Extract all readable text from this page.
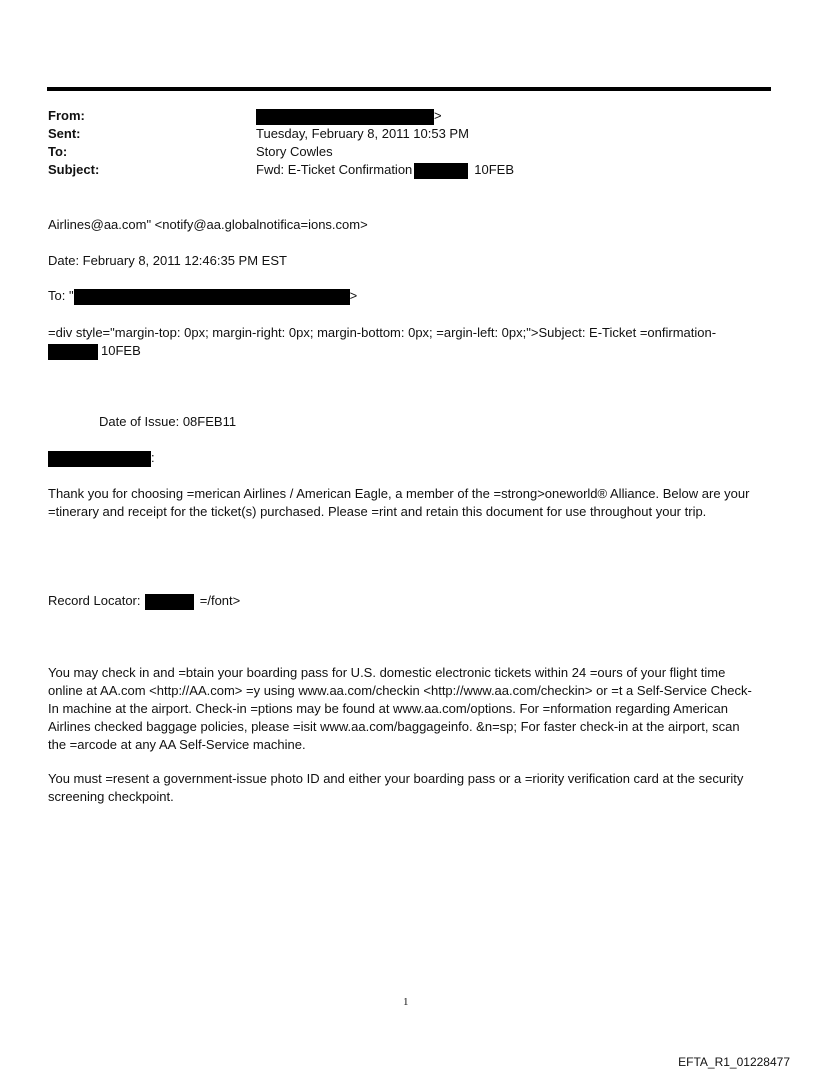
From:	>
Sent:	Tuesday, February 8, 2011 10:53 PM
To:	Story Cowles
Subject:	Fwd: E-Ticket Confirmation	10FEB
Airlines@aa.com" <notify@aa.globalnotifica=ions.com>
Date: February 8, 2011 12:46:35 PM EST
To: "	>
=div style="margin-top: 0px; margin-right: 0px; margin-bottom: 0px; =argin-left: 0px;">Subject: E-Ticket =onfirmation-
10FEB
Date of Issue: 08FEB11
:
Thank you for choosing =merican Airlines / American Eagle, a member of the =strong>oneworld® Alliance. Below are your =tinerary and receipt for the ticket(s) purchased. Please =rint and retain this document for use throughout your trip.
Record Locator:	=/font>
You may check in and =btain your boarding pass for U.S. domestic electronic tickets within 24 =ours of your flight time online at AA.com <http://AA.com> =y using www.aa.com/checkin <http://www.aa.com/checkin> or =t a Self-Service Check-In machine at the airport. Check-in =ptions may be found at www.aa.com/options. For =nformation regarding American Airlines checked baggage policies, please =isit www.aa.com/baggageinfo. &n=sp; For faster check-in at the airport, scan the =arcode at any AA Self-Service machine.
You must =resent a government-issue photo ID and either your boarding pass or a =riority verification card at the security screening checkpoint.
1
EFTA_R1_01228477
